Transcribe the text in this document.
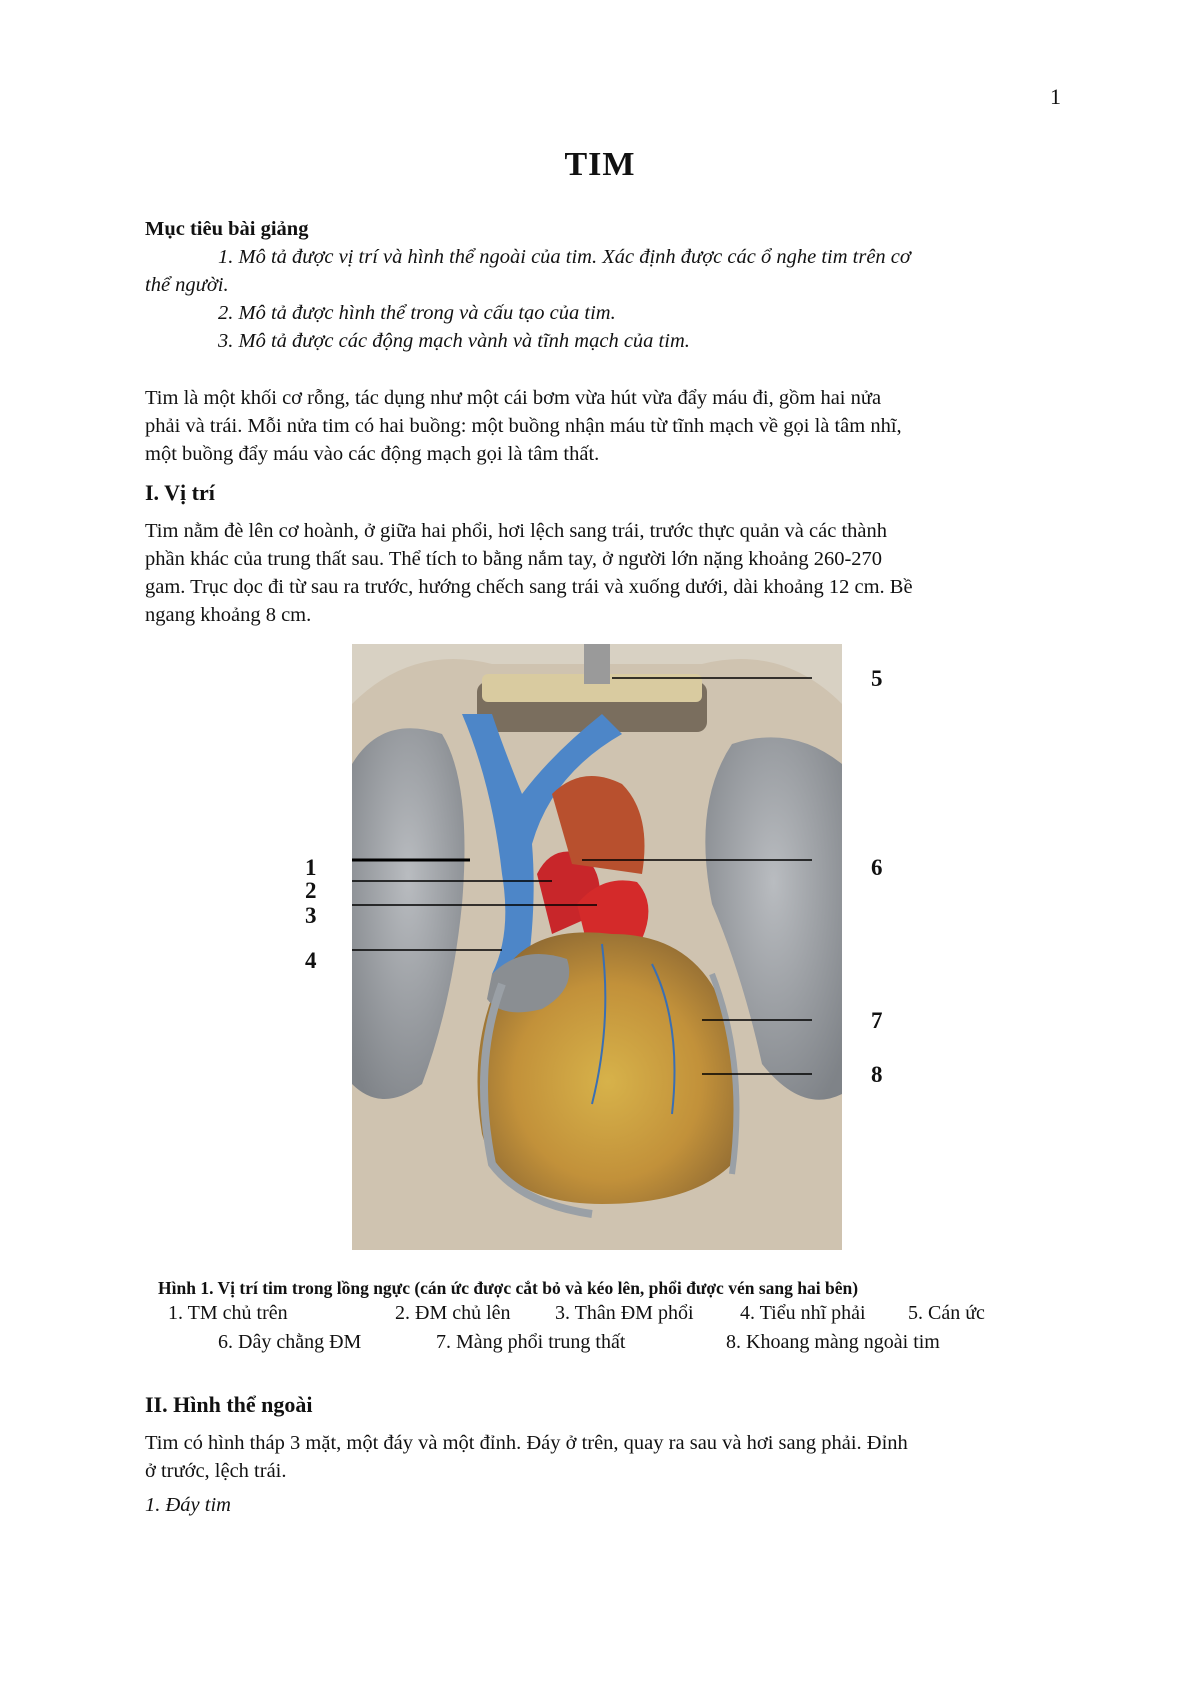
1
TIM
Mục tiêu bài giảng
1. Mô tả được vị trí và hình thể ngoài của tim. Xác định được các ổ nghe tim trên cơ
thể người.
2. Mô tả được hình thể trong và cấu tạo của tim.
3. Mô tả được các động mạch vành và tĩnh mạch của tim.
Tim là một khối cơ rỗng, tác dụng như một cái bơm vừa hút vừa đẩy máu đi, gồm hai nửa
phải và trái. Mỗi nửa tim có hai buồng: một buồng nhận máu từ tĩnh mạch về gọi là tâm nhĩ,
một buồng đẩy máu vào các động mạch gọi là tâm thất.
I. Vị trí
Tim nằm đè lên cơ hoành, ở giữa hai phổi, hơi lệch sang trái, trước thực quản và các thành
phần khác của trung thất sau. Thể tích to bằng nắm tay, ở người lớn nặng khoảng 260-270
gam. Trục dọc đi từ sau ra trước, hướng chếch sang trái và xuống dưới, dài khoảng 12 cm. Bề
ngang khoảng 8 cm.
1
2
3
4
5
6
7
8
Hình 1. Vị trí tim trong lồng ngực (cán ức được cắt bỏ và kéo lên, phổi được vén sang hai bên)
1. TM chủ trên	2. ĐM chủ lên 3. Thân ĐM phổi 4. Tiểu nhĩ phải 5. Cán ức
6. Dây chằng ĐM	7. Màng phổi trung thất	8. Khoang màng ngoài tim
II. Hình thể ngoài
Tim có hình tháp 3 mặt, một đáy và một đỉnh. Đáy ở trên, quay ra sau và hơi sang phải. Đỉnh
ở trước, lệch trái.
1. Đáy tim
